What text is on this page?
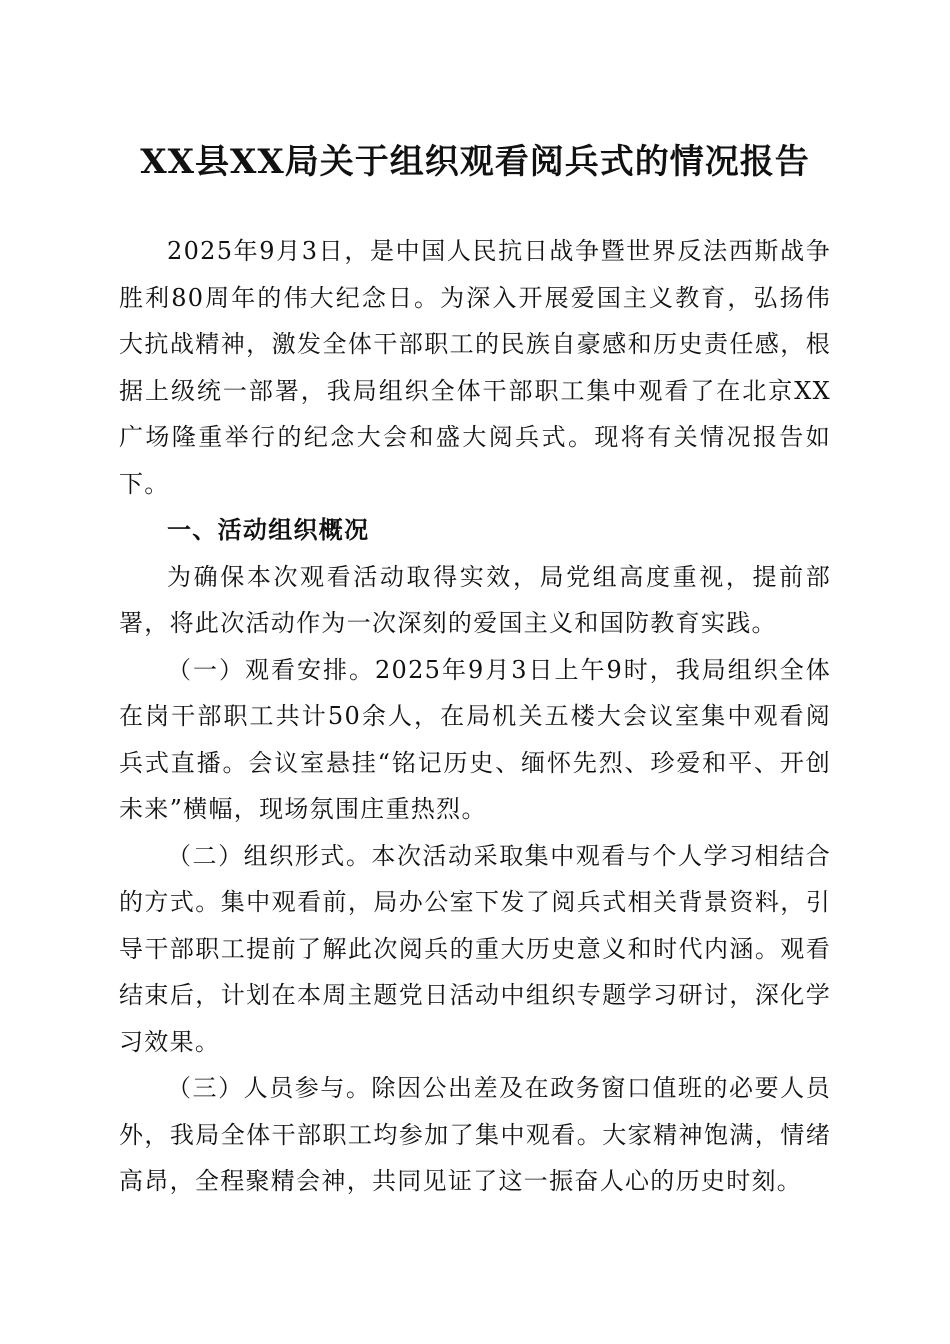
XX县XX局关于组织观看阅兵式的情况报告

2025年9月3日，是中国人民抗日战争暨世界反法西斯战争胜利80周年的伟大纪念日。为深入开展爱国主义教育，弘扬伟大抗战精神，激发全体干部职工的民族自豪感和历史责任感，根据上级统一部署，我局组织全体干部职工集中观看了在北京XX广场隆重举行的纪念大会和盛大阅兵式。现将有关情况报告如下。

一、活动组织概况

为确保本次观看活动取得实效，局党组高度重视，提前部署，将此次活动作为一次深刻的爱国主义和国防教育实践。

（一）观看安排。2025年9月3日上午9时，我局组织全体在岗干部职工共计50余人，在局机关五楼大会议室集中观看阅兵式直播。会议室悬挂“铭记历史、缅怀先烈、珍爱和平、开创未来”横幅，现场氛围庄重热烈。

（二）组织形式。本次活动采取集中观看与个人学习相结合的方式。集中观看前，局办公室下发了阅兵式相关背景资料，引导干部职工提前了解此次阅兵的重大历史意义和时代内涵。观看结束后，计划在本周主题党日活动中组织专题学习研讨，深化学习效果。

（三）人员参与。除因公出差及在政务窗口值班的必要人员外，我局全体干部职工均参加了集中观看。大家精神饱满，情绪高昂，全程聚精会神，共同见证了这一振奋人心的历史时刻。
